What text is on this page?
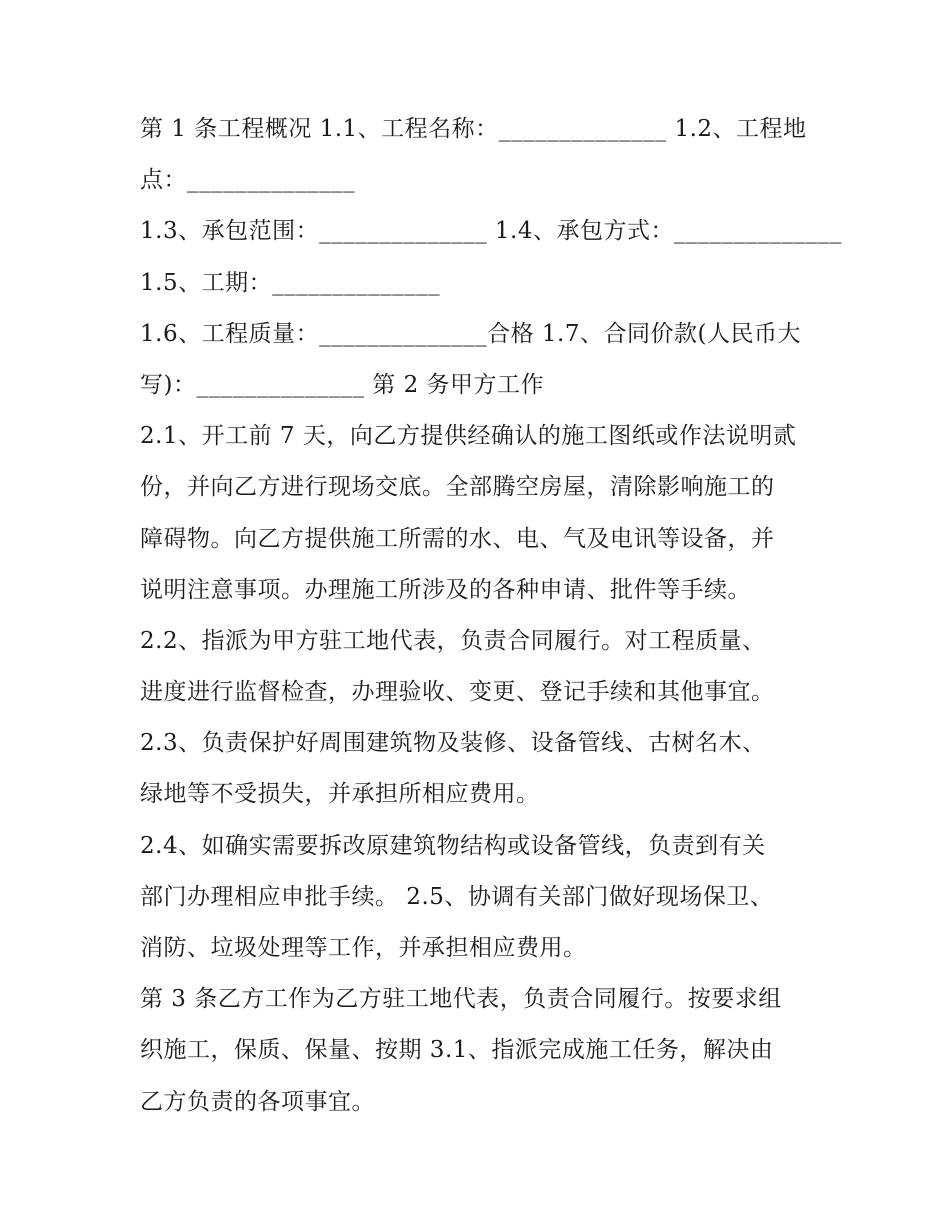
第 1 条工程概况 1.1、工程名称：______________ 1.2、工程地
点：______________
1.3、承包范围：______________ 1.4、承包方式：______________
1.5、工期：______________
1.6、工程质量：______________合格 1.7、合同价款(人民币大
写)：______________ 第 2 务甲方工作
2.1、开工前 7 天，向乙方提供经确认的施工图纸或作法说明贰
份，并向乙方进行现场交底。全部腾空房屋，清除影响施工的
障碍物。向乙方提供施工所需的水、电、气及电讯等设备，并
说明注意事项。办理施工所涉及的各种申请、批件等手续。
2.2、指派为甲方驻工地代表，负责合同履行。对工程质量、
进度进行监督检查，办理验收、变更、登记手续和其他事宜。
2.3、负责保护好周围建筑物及装修、设备管线、古树名木、
绿地等不受损失，并承担所相应费用。
2.4、如确实需要拆改原建筑物结构或设备管线，负责到有关
部门办理相应申批手续。 2.5、协调有关部门做好现场保卫、
消防、垃圾处理等工作，并承担相应费用。
第 3 条乙方工作为乙方驻工地代表，负责合同履行。按要求组
织施工，保质、保量、按期 3.1、指派完成施工任务，解决由
乙方负责的各项事宜。
